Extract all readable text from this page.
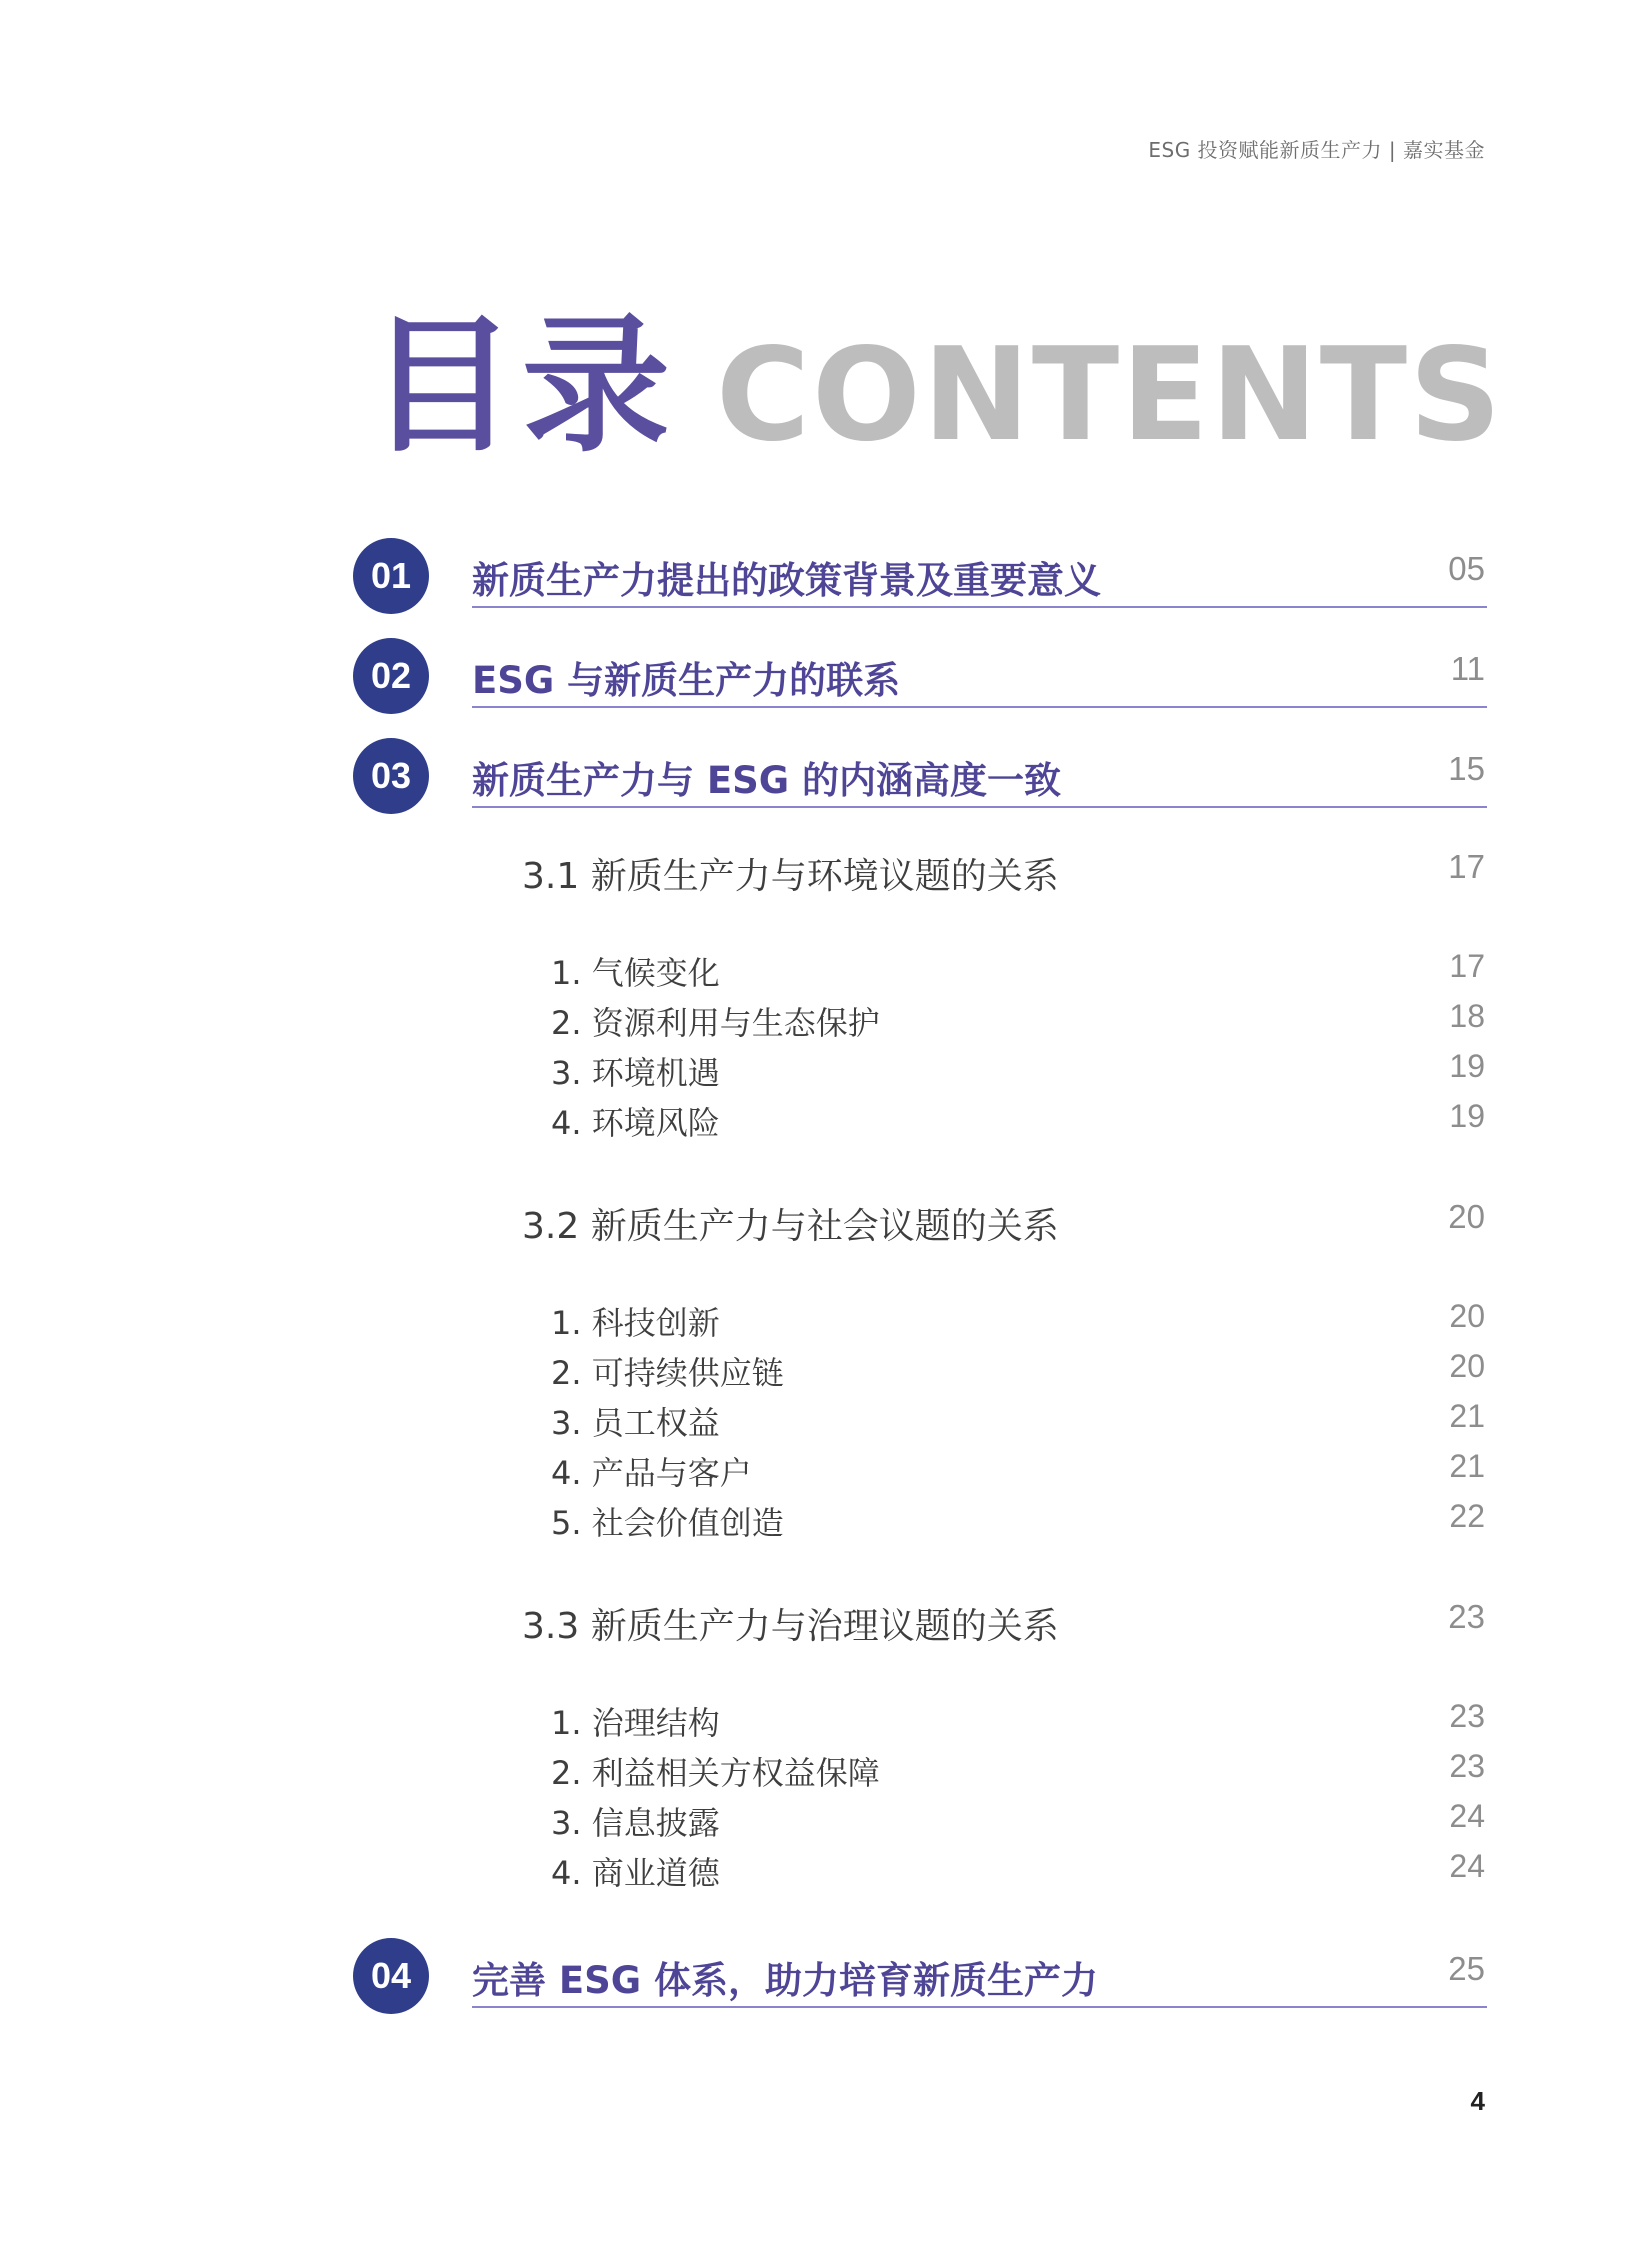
ESG 投资赋能新质生产力 | 嘉实基金
目录 CONTENTS
01	新质生产力提出的政策背景及重要意义	05
02	ESG 与新质生产力的联系	11
03	新质生产力与 ESG 的内涵高度一致	15
3.1 新质生产力与环境议题的关系	17
1. 气候变化	17
2. 资源利用与生态保护	18
3. 环境机遇	19
4. 环境风险	19
3.2 新质生产力与社会议题的关系	20
1. 科技创新	20
2. 可持续供应链	20
3. 员工权益	21
4. 产品与客户	21
5. 社会价值创造	22
3.3 新质生产力与治理议题的关系	23
1. 治理结构	23
2. 利益相关方权益保障	23
3. 信息披露	24
4. 商业道德	24
04	完善 ESG 体系，助力培育新质生产力	25
4
